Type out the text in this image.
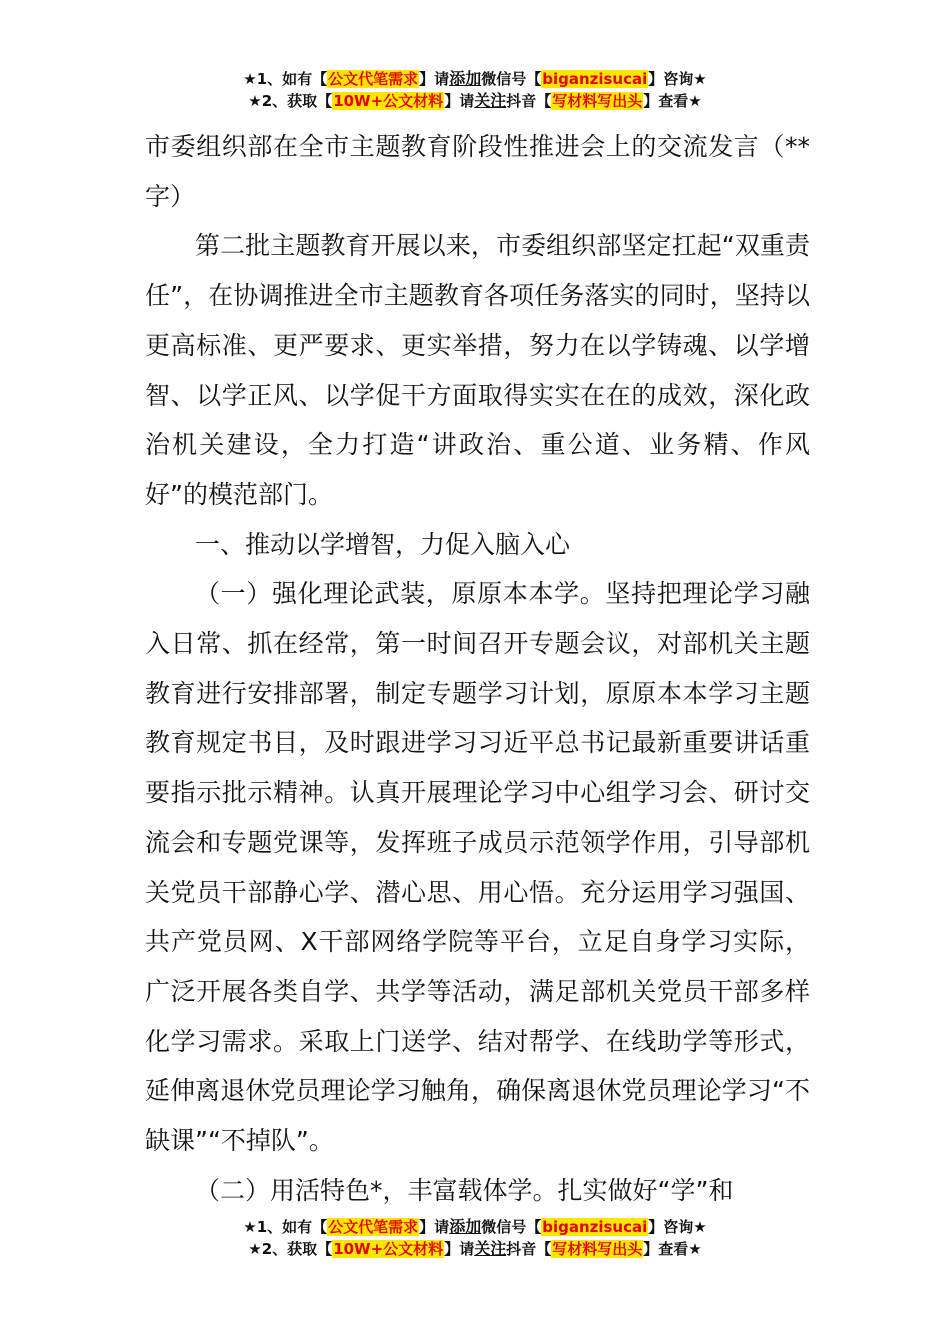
★1、如有【公文代笔需求】请添加微信号【biganzisucai】咨询★
★2、获取【10W+公文材料】请关注抖音【写材料写出头】查看★

市委组织部在全市主题教育阶段性推进会上的交流发言（**字）

第二批主题教育开展以来，市委组织部坚定扛起“双重责任”，在协调推进全市主题教育各项任务落实的同时，坚持以更高标准、更严要求、更实举措，努力在以学铸魂、以学增智、以学正风、以学促干方面取得实实在在的成效，深化政治机关建设，全力打造“讲政治、重公道、业务精、作风好”的模范部门。

一、推动以学增智，力促入脑入心

（一）强化理论武装，原原本本学。坚持把理论学习融入日常、抓在经常，第一时间召开专题会议，对部机关主题教育进行安排部署，制定专题学习计划，原原本本学习主题教育规定书目，及时跟进学习习近平总书记最新重要讲话重要指示批示精神。认真开展理论学习中心组学习会、研讨交流会和专题党课等，发挥班子成员示范领学作用，引导部机关党员干部静心学、潜心思、用心悟。充分运用学习强国、共产党员网、X干部网络学院等平台，立足自身学习实际，广泛开展各类自学、共学等活动，满足部机关党员干部多样化学习需求。采取上门送学、结对帮学、在线助学等形式，延伸离退休党员理论学习触角，确保离退休党员理论学习“不缺课”“不掉队”。

（二）用活特色*，丰富载体学。扎实做好“学”和

★1、如有【公文代笔需求】请添加微信号【biganzisucai】咨询★
★2、获取【10W+公文材料】请关注抖音【写材料写出头】查看★
